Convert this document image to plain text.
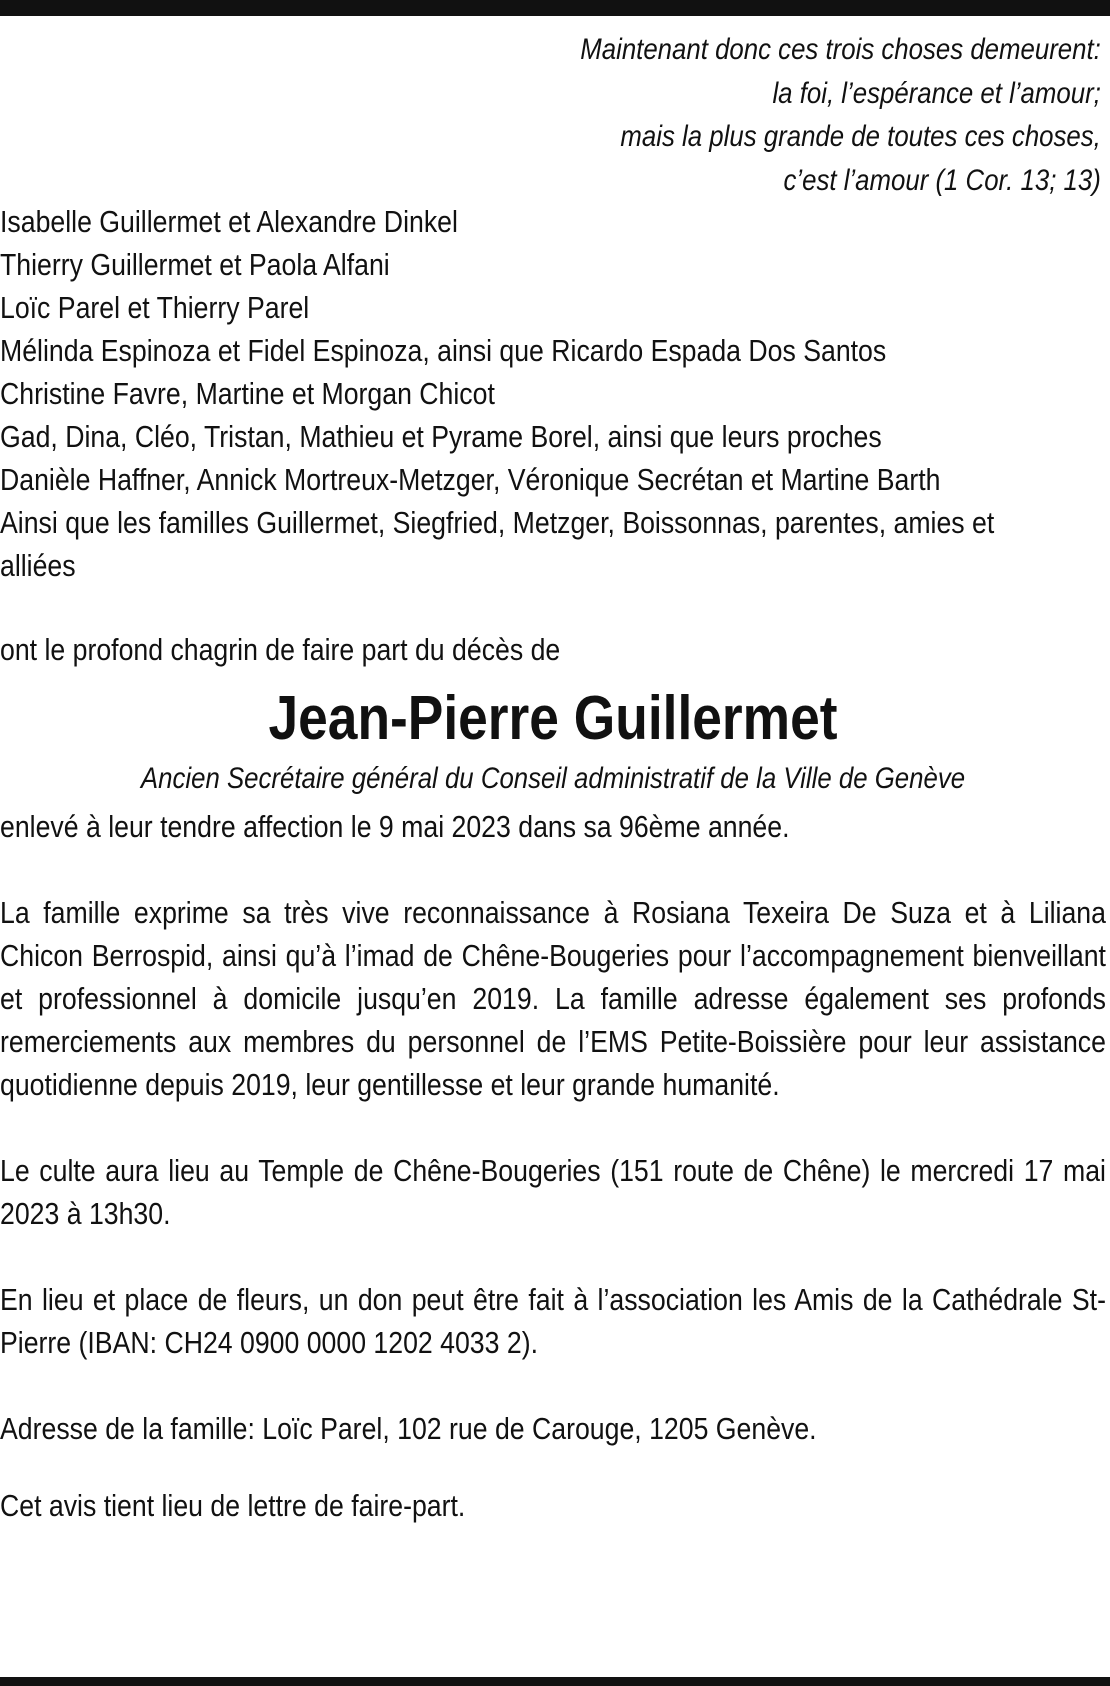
Maintenant donc ces trois choses demeurent:
la foi, l’espérance et l’amour;
mais la plus grande de toutes ces choses,
c’est l’amour (1 Cor. 13; 13)
Isabelle Guillermet et Alexandre Dinkel
Thierry Guillermet et Paola Alfani
Loïc Parel et Thierry Parel
Mélinda Espinoza et Fidel Espinoza, ainsi que Ricardo Espada Dos Santos
Christine Favre, Martine et Morgan Chicot
Gad, Dina, Cléo, Tristan, Mathieu et Pyrame Borel, ainsi que leurs proches
Danièle Haffner, Annick Mortreux-Metzger, Véronique Secrétan et Martine Barth
Ainsi que les familles Guillermet, Siegfried, Metzger, Boissonnas, parentes, amies et alliées
ont le profond chagrin de faire part du décès de
Jean-Pierre Guillermet
Ancien Secrétaire général du Conseil administratif de la Ville de Genève
enlevé à leur tendre affection le 9 mai 2023 dans sa 96ème année.
La famille exprime sa très vive reconnaissance à Rosiana Texeira De Suza et à Liliana Chicon Berrospid, ainsi qu’à l’imad de Chêne-Bougeries pour l’accompagnement bienveillant et professionnel à domicile jusqu’en 2019. La famille adresse également ses profonds remerciements aux membres du personnel de l’EMS Petite-Boissière pour leur assistance quotidienne depuis 2019, leur gentillesse et leur grande humanité.
Le culte aura lieu au Temple de Chêne-Bougeries (151 route de Chêne) le mercredi 17 mai 2023 à 13h30.
En lieu et place de fleurs, un don peut être fait à l’association les Amis de la Cathédrale St-Pierre (IBAN: CH24 0900 0000 1202 4033 2).
Adresse de la famille: Loïc Parel, 102 rue de Carouge, 1205 Genève.
Cet avis tient lieu de lettre de faire-part.
